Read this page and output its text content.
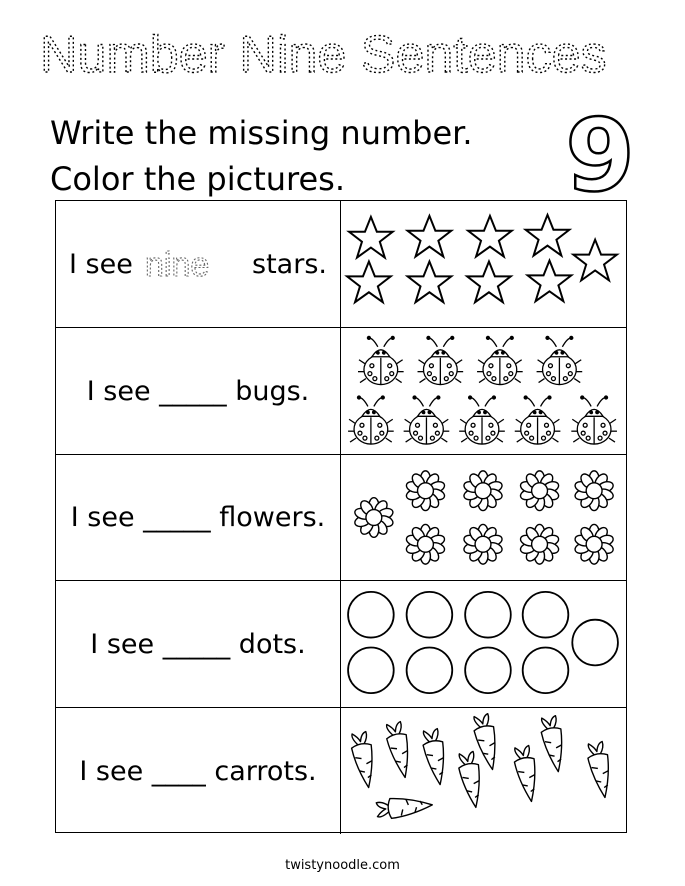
Number Nine Sentences
Write the missing number.
Color the pictures.	9
I see nine stars.
I see _____ bugs.
I see _____ flowers.
I see _____ dots.
I see ____ carrots.
twistynoodle.com
